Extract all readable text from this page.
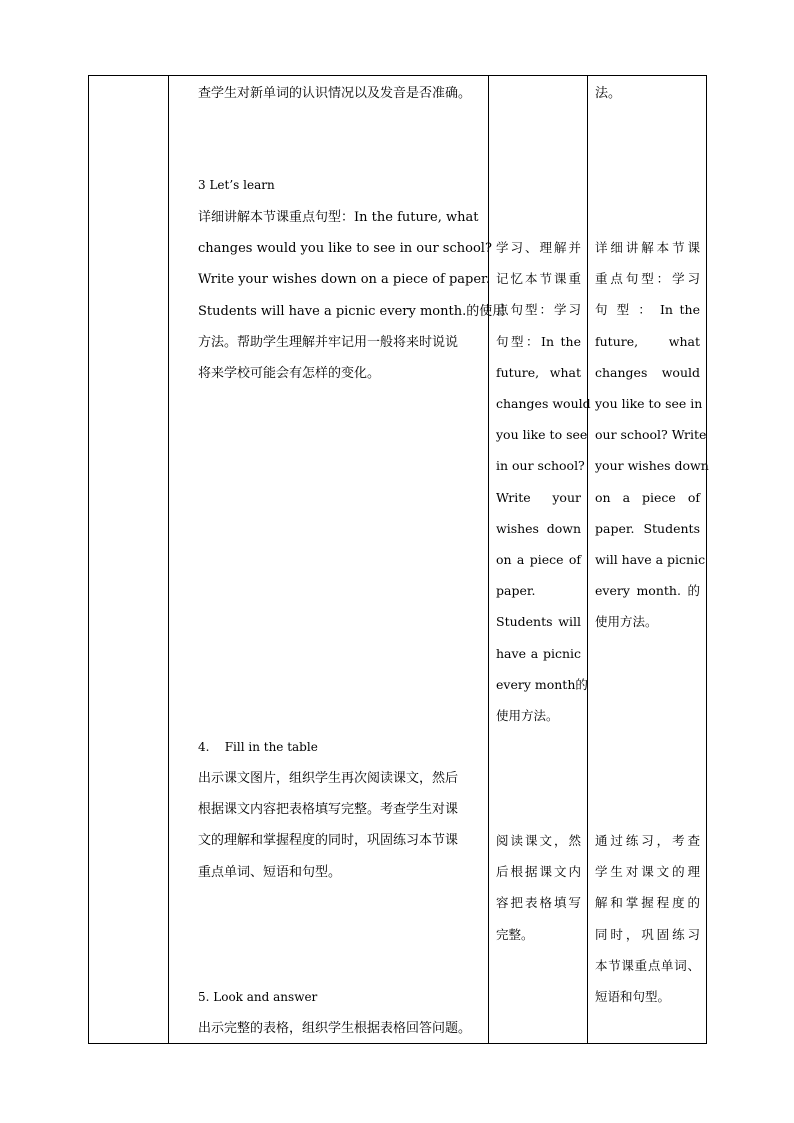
查学生对新单词的认识情况以及发音是否准确。
3 Let’s learn
详细讲解本节课重点句型：In the future, what
changes would you like to see in our school?
Write your wishes down on a piece of paper.
Students will have a picnic every month.的使用
方法。帮助学生理解并牢记用一般将来时说说
将来学校可能会有怎样的变化。
4.    Fill in the table
出示课文图片，组织学生再次阅读课文，然后
根据课文内容把表格填写完整。考查学生对课
文的理解和掌握程度的同时，巩固练习本节课
重点单词、短语和句型。
5. Look and answer
出示完整的表格，组织学生根据表格回答问题。
学习、理解并
记忆本节课重
点句型：学习
句型：In the
future, what
changes would
you like to see
in our school?
Write your
wishes down
on a piece of
paper.
Students will
have a picnic
every month的
使用方法。
阅读课文，然
后根据课文内
容把表格填写
完整。
法。
详细讲解本节课
重点句型：学习
句 型 ： In the
future, what
changes would
you like to see in
our school? Write
your wishes down
on a piece of
paper. Students
will have a picnic
every month. 的
使用方法。
通过练习，考查
学生对课文的理
解和掌握程度的
同时，巩固练习
本节课重点单词、
短语和句型。
